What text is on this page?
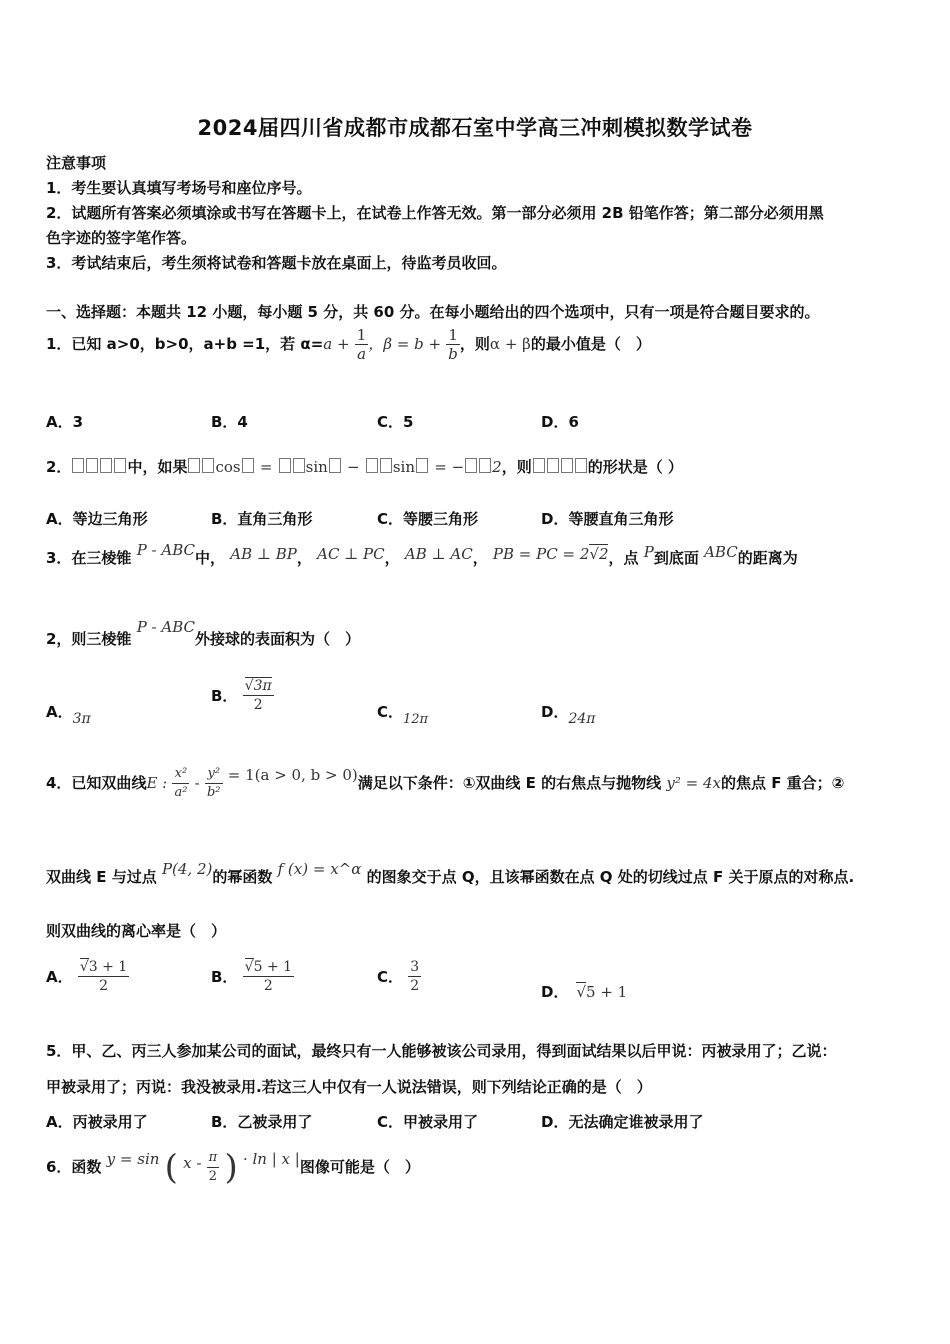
2024届四川省成都市成都石室中学高三冲刺模拟数学试卷
注意事项
1．考生要认真填写考场号和座位序号。
2．试题所有答案必须填涂或书写在答题卡上，在试卷上作答无效。第一部分必须用 2B 铅笔作答；第二部分必须用黑
色字迹的签字笔作答。
3．考试结束后，考生须将试卷和答题卡放在桌面上，待监考员收回。
一、选择题：本题共 12 小题，每小题 5 分，共 60 分。在每小题给出的四个选项中，只有一项是符合题目要求的。
1．已知 a>0，b>0，a+b =1，若 $\alpha=a + \frac{1}{a}$ ，$\beta = b + \frac{1}{b}$ ，则α + β的最小值是（　）
A．3	B．4	C．5	D．6
2．	中，如果 cos = sin − sin = − 2，则	的形状是（ ）
A．等边三角形	B．直角三角形	C．等腰三角形	D．等腰直角三角形
3．在三棱锥 P - ABC中， AB ⊥ BP， AC ⊥ PC， AB ⊥ AC， PB = PC = 2√2，点 P到底面 ABC的距离为
2，则三棱锥 P - ABC外接球的表面积为（　）
A．3π
B． $\frac{√3\pi}{2}$	C．12π	D．24π
4．已知双曲线E : $\frac{\text{x²}}{\text{a²}} - \frac{\text{y²}}{\text{b²}} = 1(a > 0$, b > 0)满足以下条件：①双曲线 E 的右焦点与抛物线 y² = 4x的焦点 F 重合；②
双曲线 E 与过点 P(4, 2)的幂函数 f (x) = x^α 的图象交于点 Q，且该幂函数在点 Q 处的切线过点 F 关于原点的对称点.
则双曲线的离心率是（　）
A． $\frac{√3 + 1}{2}$	B． $\frac{√5 + 1}{2}$	C． $\frac{3}{2}$	D． √5 + 1
5．甲、乙、丙三人参加某公司的面试，最终只有一人能够被该公司录用，得到面试结果以后甲说：丙被录用了；乙说：
甲被录用了；丙说：我没被录用.若这三人中仅有一人说法错误，则下列结论正确的是（　）
A．丙被录用了	B．乙被录用了	C．甲被录用了	D．无法确定谁被录用了
6．函数 y = sin ( x - $\frac{\pi}{2}$ ) · ln | x |图像可能是（　）
